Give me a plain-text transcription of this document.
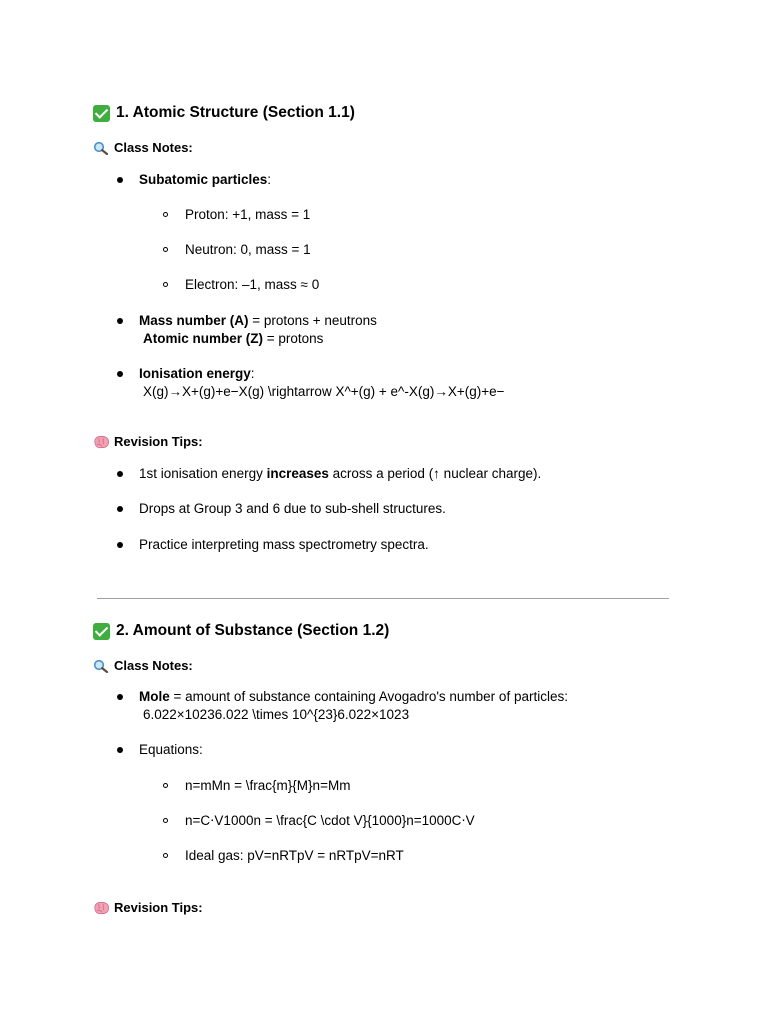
1. Atomic Structure (Section 1.1)
Class Notes:
Subatomic particles:
Proton: +1, mass = 1
Neutron: 0, mass = 1
Electron: –1, mass ≈ 0
Mass number (A) = protons + neutrons
Atomic number (Z) = protons
Ionisation energy:
X(g)→X+(g)+e−X(g) \rightarrow X^+(g) + e^-X(g)→X+(g)+e−
Revision Tips:
1st ionisation energy increases across a period (↑ nuclear charge).
Drops at Group 3 and 6 due to sub-shell structures.
Practice interpreting mass spectrometry spectra.
2. Amount of Substance (Section 1.2)
Class Notes:
Mole = amount of substance containing Avogadro's number of particles:
6.022×10236.022 \times 10^{23}6.022×1023
Equations:
n=mMn = \frac{m}{M}n=Mm
n=C⋅V1000n = \frac{C \cdot V}{1000}n=1000C⋅V
Ideal gas: pV=nRTpV = nRTpV=nRT
Revision Tips:
